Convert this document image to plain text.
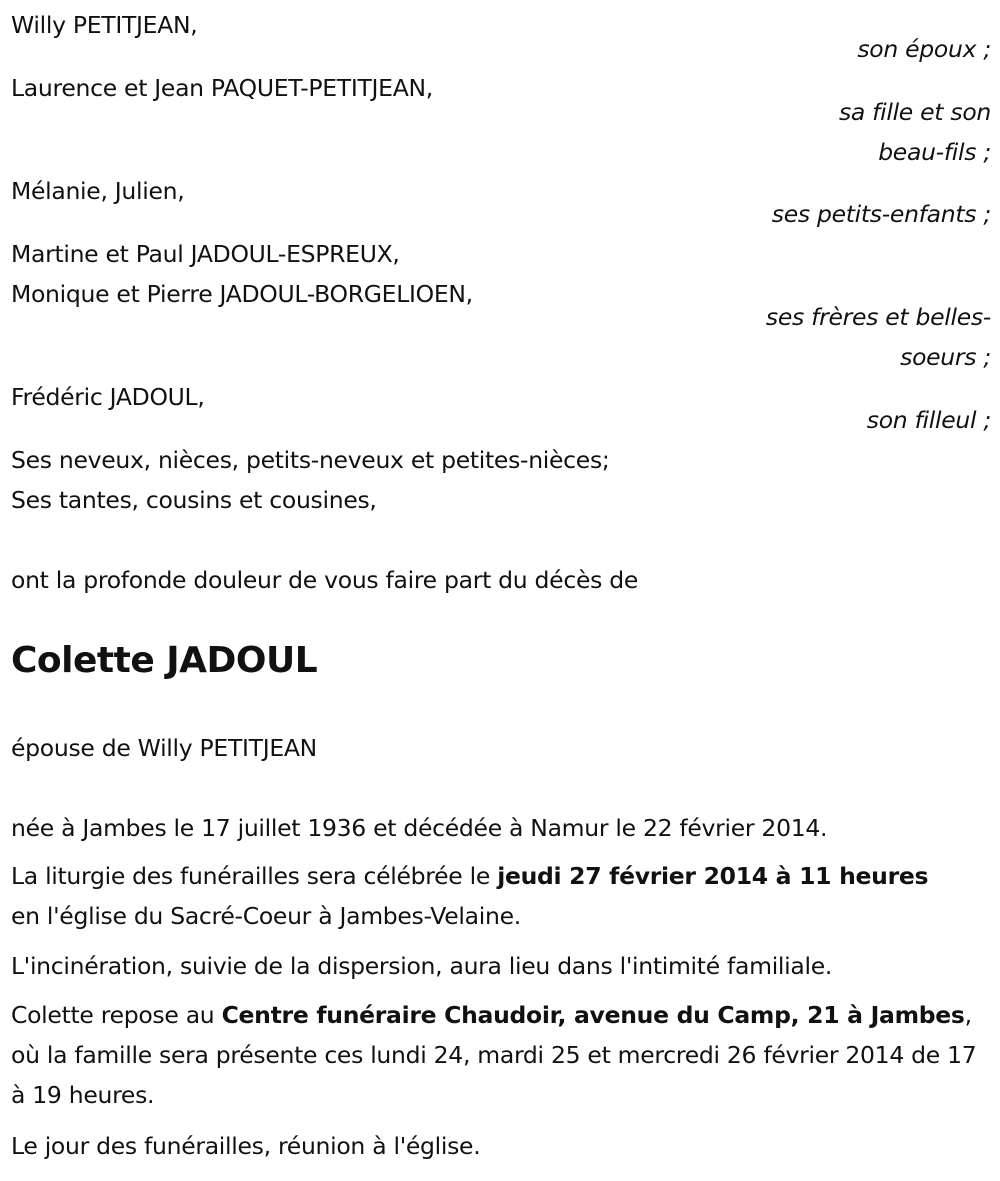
Willy PETITJEAN,
son époux ;
Laurence et Jean PAQUET-PETITJEAN,
sa fille et son
beau-fils ;
Mélanie, Julien,
ses petits-enfants ;
Martine et Paul JADOUL-ESPREUX,
Monique et Pierre JADOUL-BORGELIOEN,
ses frères et belles-
soeurs ;
Frédéric JADOUL,
son filleul ;
Ses neveux, nièces, petits-neveux et petites-nièces;
Ses tantes, cousins et cousines,
ont la profonde douleur de vous faire part du décès de
Colette JADOUL
épouse de Willy PETITJEAN
née à Jambes le 17 juillet 1936 et décédée à Namur le 22 février 2014.
La liturgie des funérailles sera célébrée le jeudi 27 février 2014 à 11 heures en l'église du Sacré-Coeur à Jambes-Velaine.
L'incinération, suivie de la dispersion, aura lieu dans l'intimité familiale.
Colette repose au Centre funéraire Chaudoir, avenue du Camp, 21 à Jambes, où la famille sera présente ces lundi 24, mardi 25 et mercredi 26 février 2014 de 17 à 19 heures.
Le jour des funérailles, réunion à l'église.
